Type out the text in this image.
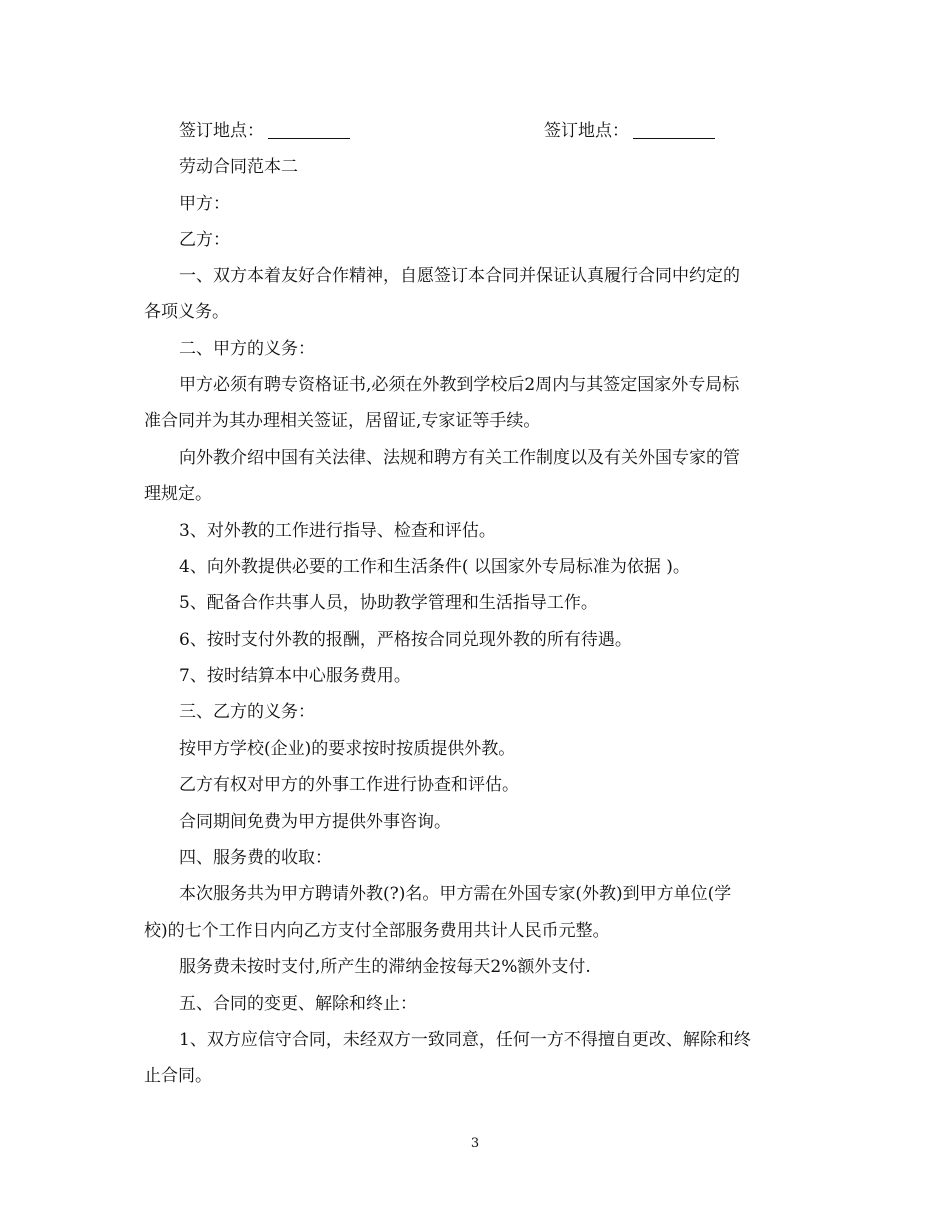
签订地点：	签订地点：
劳动合同范本二
甲方：
乙方：
一、双方本着友好合作精神，自愿签订本合同并保证认真履行合同中约定的
各项义务。
二、甲方的义务：
甲方必须有聘专资格证书,必须在外教到学校后2周内与其签定国家外专局标
准合同并为其办理相关签证，居留证,专家证等手续。
向外教介绍中国有关法律、法规和聘方有关工作制度以及有关外国专家的管
理规定。
3、对外教的工作进行指导、检查和评估。
4、向外教提供必要的工作和生活条件( 以国家外专局标准为依据 )。
5、配备合作共事人员，协助教学管理和生活指导工作。
6、按时支付外教的报酬，严格按合同兑现外教的所有待遇。
7、按时结算本中心服务费用。
三、乙方的义务：
按甲方学校(企业)的要求按时按质提供外教。
乙方有权对甲方的外事工作进行协查和评估。
合同期间免费为甲方提供外事咨询。
四、服务费的收取：
本次服务共为甲方聘请外教(?)名。甲方需在外国专家(外教)到甲方单位(学
校)的七个工作日内向乙方支付全部服务费用共计人民币元整。
服务费未按时支付,所产生的滞纳金按每天2%额外支付.
五、合同的变更、解除和终止：
1、双方应信守合同，未经双方一致同意，任何一方不得擅自更改、解除和终
止合同。
3
